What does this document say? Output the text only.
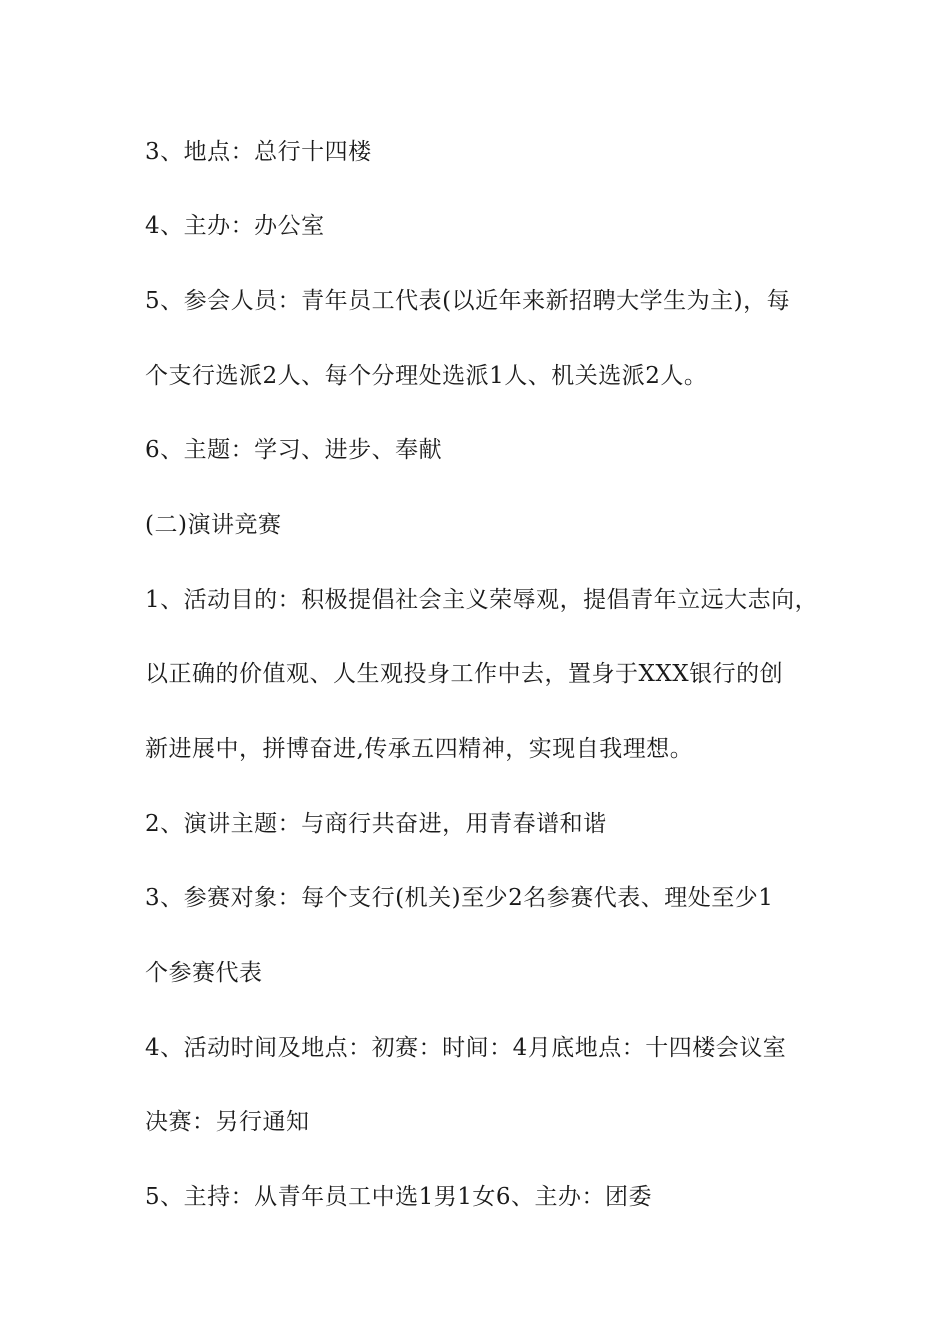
3、地点：总行十四楼

4、主办：办公室

5、参会人员：青年员工代表(以近年来新招聘大学生为主)，每

个支行选派2人、每个分理处选派1人、机关选派2人。

6、主题：学习、进步、奉献

(二)演讲竞赛

1、活动目的：积极提倡社会主义荣辱观，提倡青年立远大志向，

以正确的价值观、人生观投身工作中去，置身于XXX银行的创

新进展中，拼博奋进,传承五四精神，实现自我理想。

2、演讲主题：与商行共奋进，用青春谱和谐

3、参赛对象：每个支行(机关)至少2名参赛代表、理处至少1

个参赛代表

4、活动时间及地点：初赛：时间：4月底地点：十四楼会议室

决赛：另行通知

5、主持：从青年员工中选1男1女6、主办：团委
